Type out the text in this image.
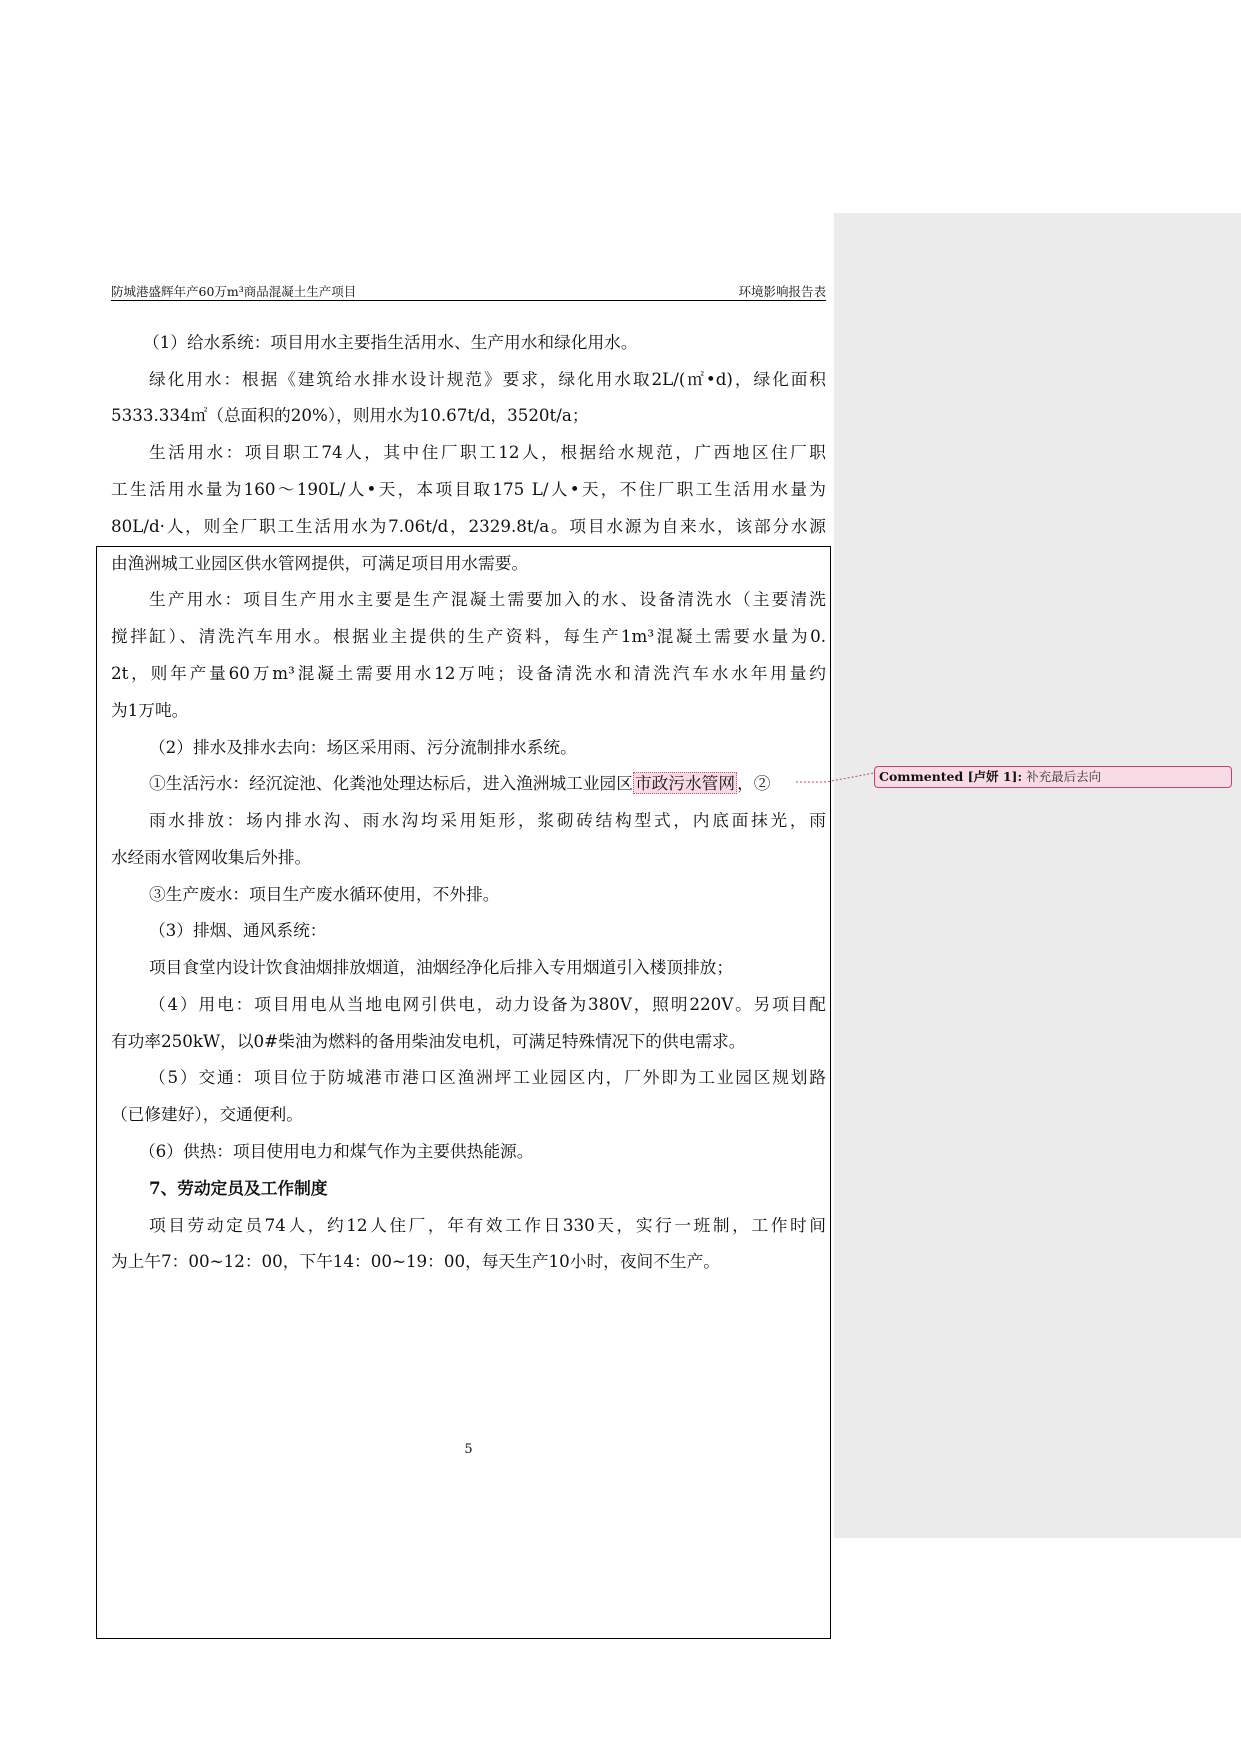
防城港盛辉年产60万m³商品混凝土生产项目	环境影响报告表
（1）给水系统：项目用水主要指生活用水、生产用水和绿化用水。
绿化用水：根据《建筑给水排水设计规范》要求，绿化用水取2L/(㎡•d)，绿化面积
5333.334㎡（总面积的20%），则用水为10.67t/d，3520t/a；
生活用水：项目职工74人，其中住厂职工12人，根据给水规范，广西地区住厂职
工生活用水量为160～190L/人•天，本项目取175 L/人•天，不住厂职工生活用水量为
80L/d·人，则全厂职工生活用水为7.06t/d，2329.8t/a。项目水源为自来水，该部分水源
由渔洲城工业园区供水管网提供，可满足项目用水需要。
生产用水：项目生产用水主要是生产混凝土需要加入的水、设备清洗水（主要清洗
搅拌缸）、清洗汽车用水。根据业主提供的生产资料，每生产1m³混凝土需要水量为0.
2t，则年产量60万m³混凝土需要用水12万吨；设备清洗水和清洗汽车水水年用量约
为1万吨。
（2）排水及排水去向：场区采用雨、污分流制排水系统。
①生活污水：经沉淀池、化粪池处理达标后，进入渔洲城工业园区 市政污水管网 ，②
雨水排放：场内排水沟、雨水沟均采用矩形，浆砌砖结构型式，内底面抹光，雨
水经雨水管网收集后外排。
③生产废水：项目生产废水循环使用，不外排。
（3）排烟、通风系统：
项目食堂内设计饮食油烟排放烟道，油烟经净化后排入专用烟道引入楼顶排放；
（4）用电：项目用电从当地电网引供电，动力设备为380V，照明220V。另项目配
有功率250kW，以0#柴油为燃料的备用柴油发电机，可满足特殊情况下的供电需求。
（5）交通：项目位于防城港市港口区渔洲坪工业园区内，厂外即为工业园区规划路
（已修建好），交通便利。
（6）供热：项目使用电力和煤气作为主要供热能源。
7、劳动定员及工作制度
项目劳动定员74人，约12人住厂，年有效工作日330天，实行一班制，工作时间
为上午7：00~12：00，下午14：00~19：00，每天生产10小时，夜间不生产。
5
Commented [卢妍 1]: 补充最后去向
